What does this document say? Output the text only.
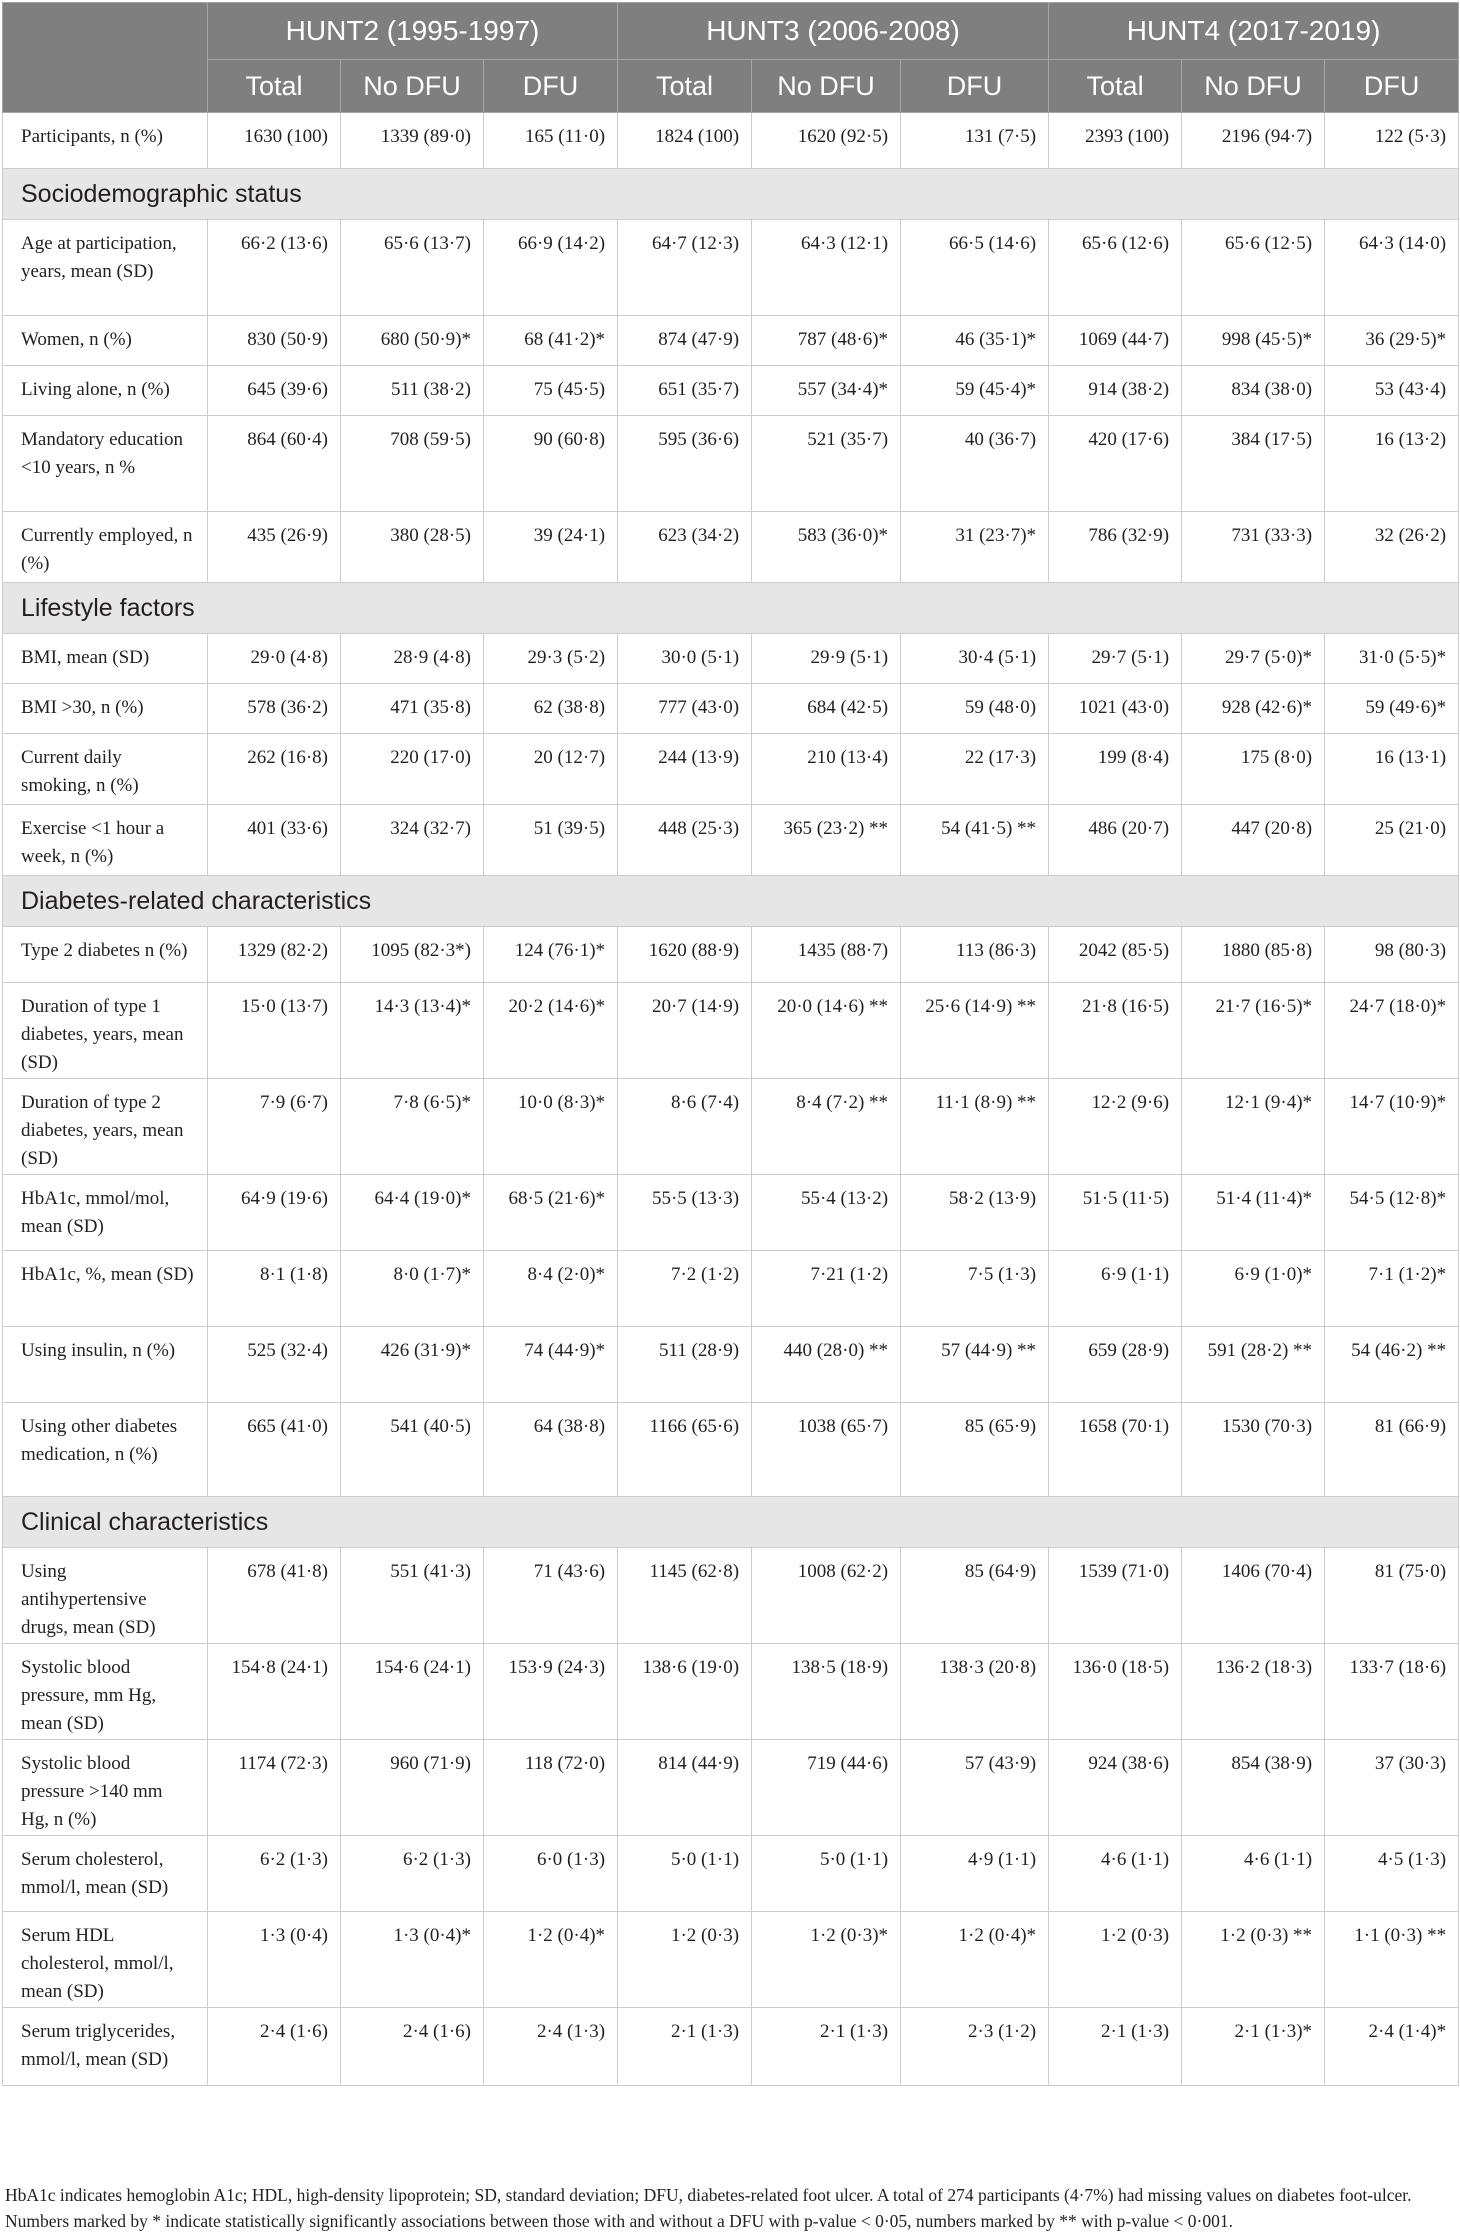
	HUNT2 (1995-1997)			HUNT3 (2006-2008)			HUNT4 (2017-2019)		
	Total	No DFU	DFU	Total	No DFU	DFU	Total	No DFU	DFU
Participants, n (%)	1630 (100)	1339 (89·0)	165 (11·0)	1824 (100)	1620 (92·5)	131 (7·5)	2393 (100)	2196 (94·7)	122 (5·3)
Sociodemographic status									
Age at participation, years, mean (SD)	66·2 (13·6)	65·6 (13·7)	66·9 (14·2)	64·7 (12·3)	64·3 (12·1)	66·5 (14·6)	65·6 (12·6)	65·6 (12·5)	64·3 (14·0)
Women, n (%)	830 (50·9)	680 (50·9)*	68 (41·2)*	874 (47·9)	787 (48·6)*	46 (35·1)*	1069 (44·7)	998 (45·5)*	36 (29·5)*
Living alone, n (%)	645 (39·6)	511 (38·2)	75 (45·5)	651 (35·7)	557 (34·4)*	59 (45·4)*	914 (38·2)	834 (38·0)	53 (43·4)
Mandatory education <10 years, n %	864 (60·4)	708 (59·5)	90 (60·8)	595 (36·6)	521 (35·7)	40 (36·7)	420 (17·6)	384 (17·5)	16 (13·2)
Currently employed, n (%)	435 (26·9)	380 (28·5)	39 (24·1)	623 (34·2)	583 (36·0)*	31 (23·7)*	786 (32·9)	731 (33·3)	32 (26·2)
Lifestyle factors									
BMI, mean (SD)	29·0 (4·8)	28·9 (4·8)	29·3 (5·2)	30·0 (5·1)	29·9 (5·1)	30·4 (5·1)	29·7 (5·1)	29·7 (5·0)*	31·0 (5·5)*
BMI >30, n (%)	578 (36·2)	471 (35·8)	62 (38·8)	777 (43·0)	684 (42·5)	59 (48·0)	1021 (43·0)	928 (42·6)*	59 (49·6)*
Current daily smoking, n (%)	262 (16·8)	220 (17·0)	20 (12·7)	244 (13·9)	210 (13·4)	22 (17·3)	199 (8·4)	175 (8·0)	16 (13·1)
Exercise <1 hour a week, n (%)	401 (33·6)	324 (32·7)	51 (39·5)	448 (25·3)	365 (23·2) **	54 (41·5) **	486 (20·7)	447 (20·8)	25 (21·0)
Diabetes-related characteristics									
Type 2 diabetes n (%)	1329 (82·2)	1095 (82·3*)	124 (76·1)*	1620 (88·9)	1435 (88·7)	113 (86·3)	2042 (85·5)	1880 (85·8)	98 (80·3)
Duration of type 1 diabetes, years, mean (SD)	15·0 (13·7)	14·3 (13·4)*	20·2 (14·6)*	20·7 (14·9)	20·0 (14·6) **	25·6 (14·9) **	21·8 (16·5)	21·7 (16·5)*	24·7 (18·0)*
Duration of type 2 diabetes, years, mean (SD)	7·9 (6·7)	7·8 (6·5)*	10·0 (8·3)*	8·6 (7·4)	8·4 (7·2) **	11·1 (8·9) **	12·2 (9·6)	12·1 (9·4)*	14·7 (10·9)*
HbA1c, mmol/mol, mean (SD)	64·9 (19·6)	64·4 (19·0)*	68·5 (21·6)*	55·5 (13·3)	55·4 (13·2)	58·2 (13·9)	51·5 (11·5)	51·4 (11·4)*	54·5 (12·8)*
HbA1c, %, mean (SD)	8·1 (1·8)	8·0 (1·7)*	8·4 (2·0)*	7·2 (1·2)	7·21 (1·2)	7·5 (1·3)	6·9 (1·1)	6·9 (1·0)*	7·1 (1·2)*
Using insulin, n (%)	525 (32·4)	426 (31·9)*	74 (44·9)*	511 (28·9)	440 (28·0) **	57 (44·9) **	659 (28·9)	591 (28·2) **	54 (46·2) **
Using other diabetes medication, n (%)	665 (41·0)	541 (40·5)	64 (38·8)	1166 (65·6)	1038 (65·7)	85 (65·9)	1658 (70·1)	1530 (70·3)	81 (66·9)
Clinical characteristics									
Using antihypertensive drugs, mean (SD)	678 (41·8)	551 (41·3)	71 (43·6)	1145 (62·8)	1008 (62·2)	85 (64·9)	1539 (71·0)	1406 (70·4)	81 (75·0)
Systolic blood pressure, mm Hg, mean (SD)	154·8 (24·1)	154·6 (24·1)	153·9 (24·3)	138·6 (19·0)	138·5 (18·9)	138·3 (20·8)	136·0 (18·5)	136·2 (18·3)	133·7 (18·6)
Systolic blood pressure >140 mm Hg, n (%)	1174 (72·3)	960 (71·9)	118 (72·0)	814 (44·9)	719 (44·6)	57 (43·9)	924 (38·6)	854 (38·9)	37 (30·3)
Serum cholesterol, mmol/l, mean (SD)	6·2 (1·3)	6·2 (1·3)	6·0 (1·3)	5·0 (1·1)	5·0 (1·1)	4·9 (1·1)	4·6 (1·1)	4·6 (1·1)	4·5 (1·3)
Serum HDL cholesterol, mmol/l, mean (SD)	1·3 (0·4)	1·3 (0·4)*	1·2 (0·4)*	1·2 (0·3)	1·2 (0·3)*	1·2 (0·4)*	1·2 (0·3)	1·2 (0·3) **	1·1 (0·3) **
Serum triglycerides, mmol/l, mean (SD)	2·4 (1·6)	2·4 (1·6)	2·4 (1·3)	2·1 (1·3)	2·1 (1·3)	2·3 (1·2)	2·1 (1·3)	2·1 (1·3)*	2·4 (1·4)*
HbA1c indicates hemoglobin A1c; HDL, high-density lipoprotein; SD, standard deviation; DFU, diabetes-related foot ulcer. A total of 274 participants (4·7%) had missing values on diabetes foot-ulcer. Numbers marked by * indicate statistically significantly associations between those with and without a DFU with p-value < 0·05, numbers marked by ** with p-value < 0·001.
